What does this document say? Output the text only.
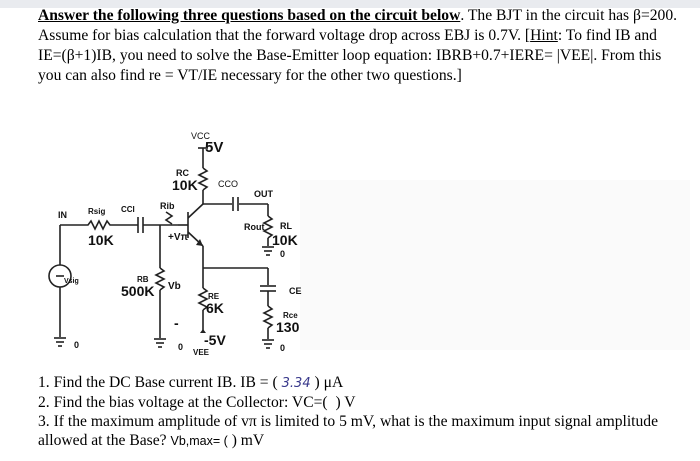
Answer the following three questions based on the circuit below. The BJT in the circuit has β=200. Assume for bias calculation that the forward voltage drop across EBJ is 0.7V. [Hint: To find IB and IE=(β+1)IB, you need to solve the Base-Emitter loop equation: IBRB+0.7+IERE= |VEE|. From this you can also find re = VT/IE necessary for the other two questions.]
VCC
5V
RC
10K CCO
OUT
Rout RL
10K
0
IN	Rsig
10K
CCI	Rib
+Vπ
RB
500K Vb
0
-
RE
6K
-5V
VEE
CE
Rce
130
0
Vsig
0
1. Find the DC Base current IB. IB = ( 3.34 ) μA
2. Find the bias voltage at the Collector: VC=( ) V
3. If the maximum amplitude of vπ is limited to 5 mV, what is the maximum input signal amplitude allowed at the Base? Vb,max= ( ) mV
